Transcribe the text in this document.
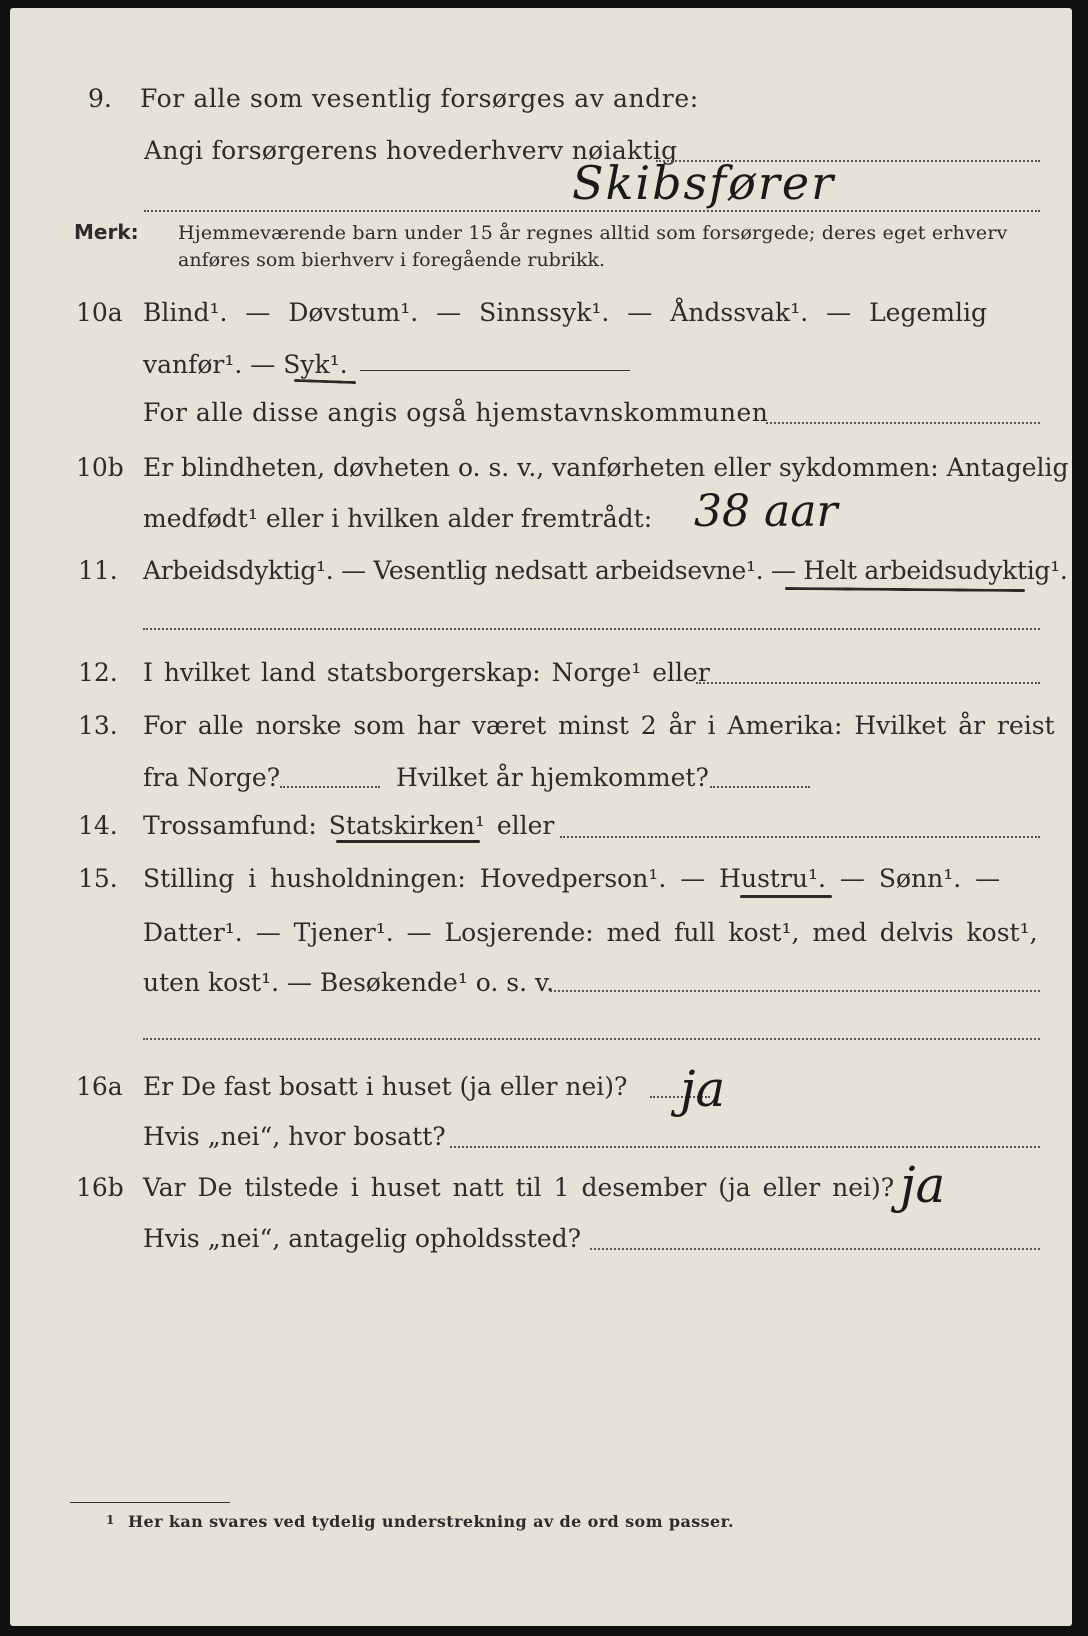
9. For alle som vesentlig forsørges av andre:
Angi forsørgerens hovederhverv nøiaktig
Skibsfører
Merk: Hjemmeværende barn under 15 år regnes alltid som forsørgede; deres eget erhverv
anføres som bierhverv i foregående rubrikk.
10a Blind¹. — Døvstum¹. — Sinnssyk¹. — Åndssvak¹. — Legemlig
vanfør¹. — Syk¹.
For alle disse angis også hjemstavnskommunen
10b Er blindheten, døvheten o. s. v., vanførheten eller sykdommen: Antagelig
medfødt¹ eller i hvilken alder fremtrådt: 38 aar
11. Arbeidsdyktig¹. — Vesentlig nedsatt arbeidsevne¹. — Helt arbeidsudyktig¹.
12. I hvilket land statsborgerskap: Norge¹ eller
13. For alle norske som har været minst 2 år i Amerika: Hvilket år reist
fra Norge?	Hvilket år hjemkommet?
14. Trossamfund: Statskirken¹ eller
15. Stilling i husholdningen: Hovedperson¹. — Hustru¹. — Sønn¹. —
Datter¹. — Tjener¹. — Losjerende: med full kost¹, med delvis kost¹,
uten kost¹. — Besøkende¹ o. s. v.
16a Er De fast bosatt i huset (ja eller nei)? ja
Hvis „nei“, hvor bosatt?
16b Var De tilstede i huset natt til 1 desember (ja eller nei)? ja
Hvis „nei“, antagelig opholdssted?
1 Her kan svares ved tydelig understrekning av de ord som passer.
